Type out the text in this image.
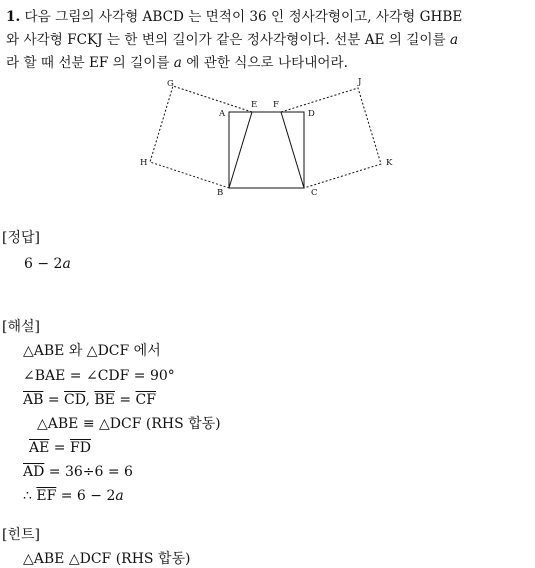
1. 다음 그림의 사각형 ABCD 는 면적이 36 인 정사각형이고, 사각형 GHBE
와 사각형 FCKJ 는 한 변의 길이가 같은 정사각형이다. 선분 AE 의 길이를 a
라 할 때 선분 EF 의 길이를 a 에 관한 식으로 나타내어라.
G
E F
J
A	D
H	K
B	C
[정답]
6 − 2a
[해설]
△ABE 와 △DCF 에서
∠BAE = ∠CDF = 90°
$\overline{AB} = \overline{CD}$, $\overline{BE} = \overline{CF}$
△ABE ≡ △DCF (RHS 합동)
$\overline{AE} = \overline{FD}$
$\overline{AD} = 36\div 6 = 6$
∴ $\overline{EF} = 6 - 2a$
[힌트]
△ABE △DCF (RHS 합동)
